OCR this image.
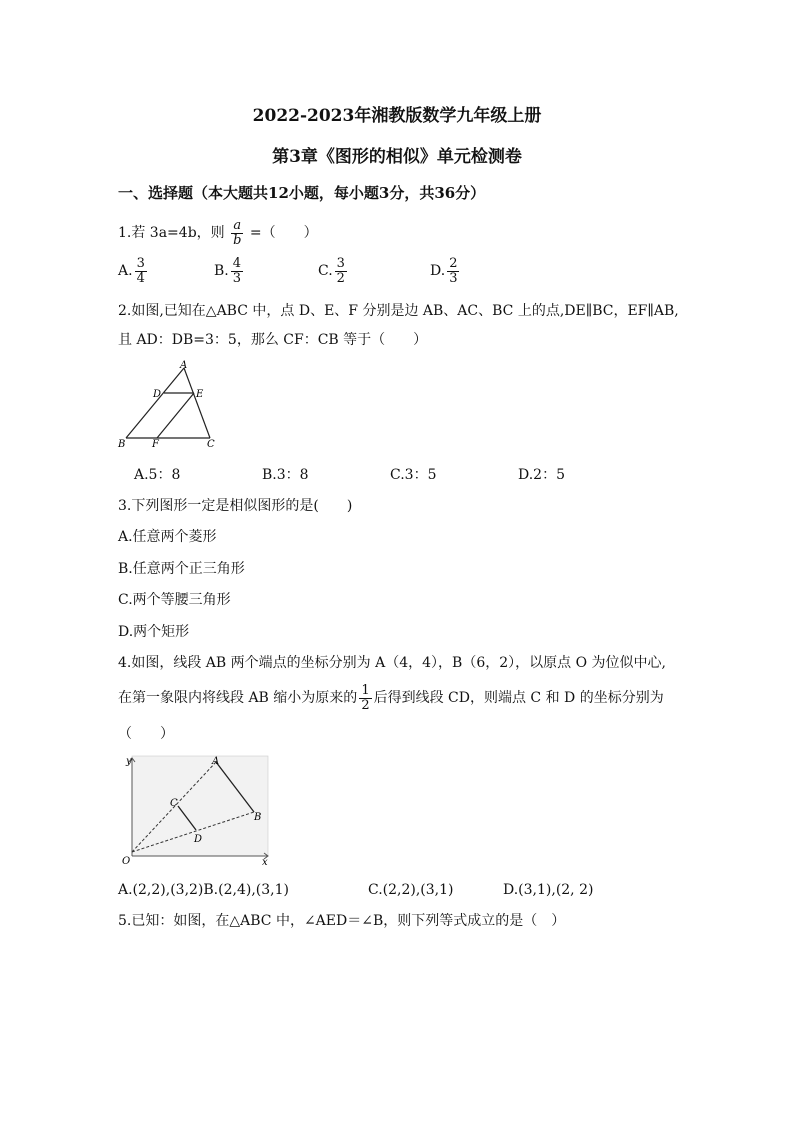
2022-2023年湘教版数学九年级上册
第3章《图形的相似》单元检测卷
一、选择题（本大题共12小题，每小题3分，共36分）
1.若 3a=4b，则 $\frac{a}{b}$ =（　　）
A. $\frac{3}{4}$	B. $\frac{4}{3}$	C. $\frac{3}{2}$	D. $\frac{2}{3}$
2.如图,已知在△ABC 中，点 D、E、F 分别是边 AB、AC、BC 上的点,DE∥BC，EF∥AB,
且 AD：DB=3：5，那么 CF：CB 等于（　　）
A
D	E
B	F	C
A.5：8	B.3：8	C.3：5	D.2：5
3.下列图形一定是相似图形的是(　　)
A.任意两个菱形
B.任意两个正三角形
C.两个等腰三角形
D.两个矩形
4.如图，线段 AB 两个端点的坐标分别为 A（4，4），B（6，2），以原点 O 为位似中心,
在第一象限内将线段 AB 缩小为原来的 $\frac{1}{2}$ 后得到线段 CD，则端点 C 和 D 的坐标分别为
（　　）
y
x
O
A
B
C
D
A.(2,2),(3,2)B.(2,4),(3,1)	C.(2,2),(3,1)	D.(3,1),(2, 2)
5.已知：如图，在△ABC 中，∠AED＝∠B，则下列等式成立的是（　）
